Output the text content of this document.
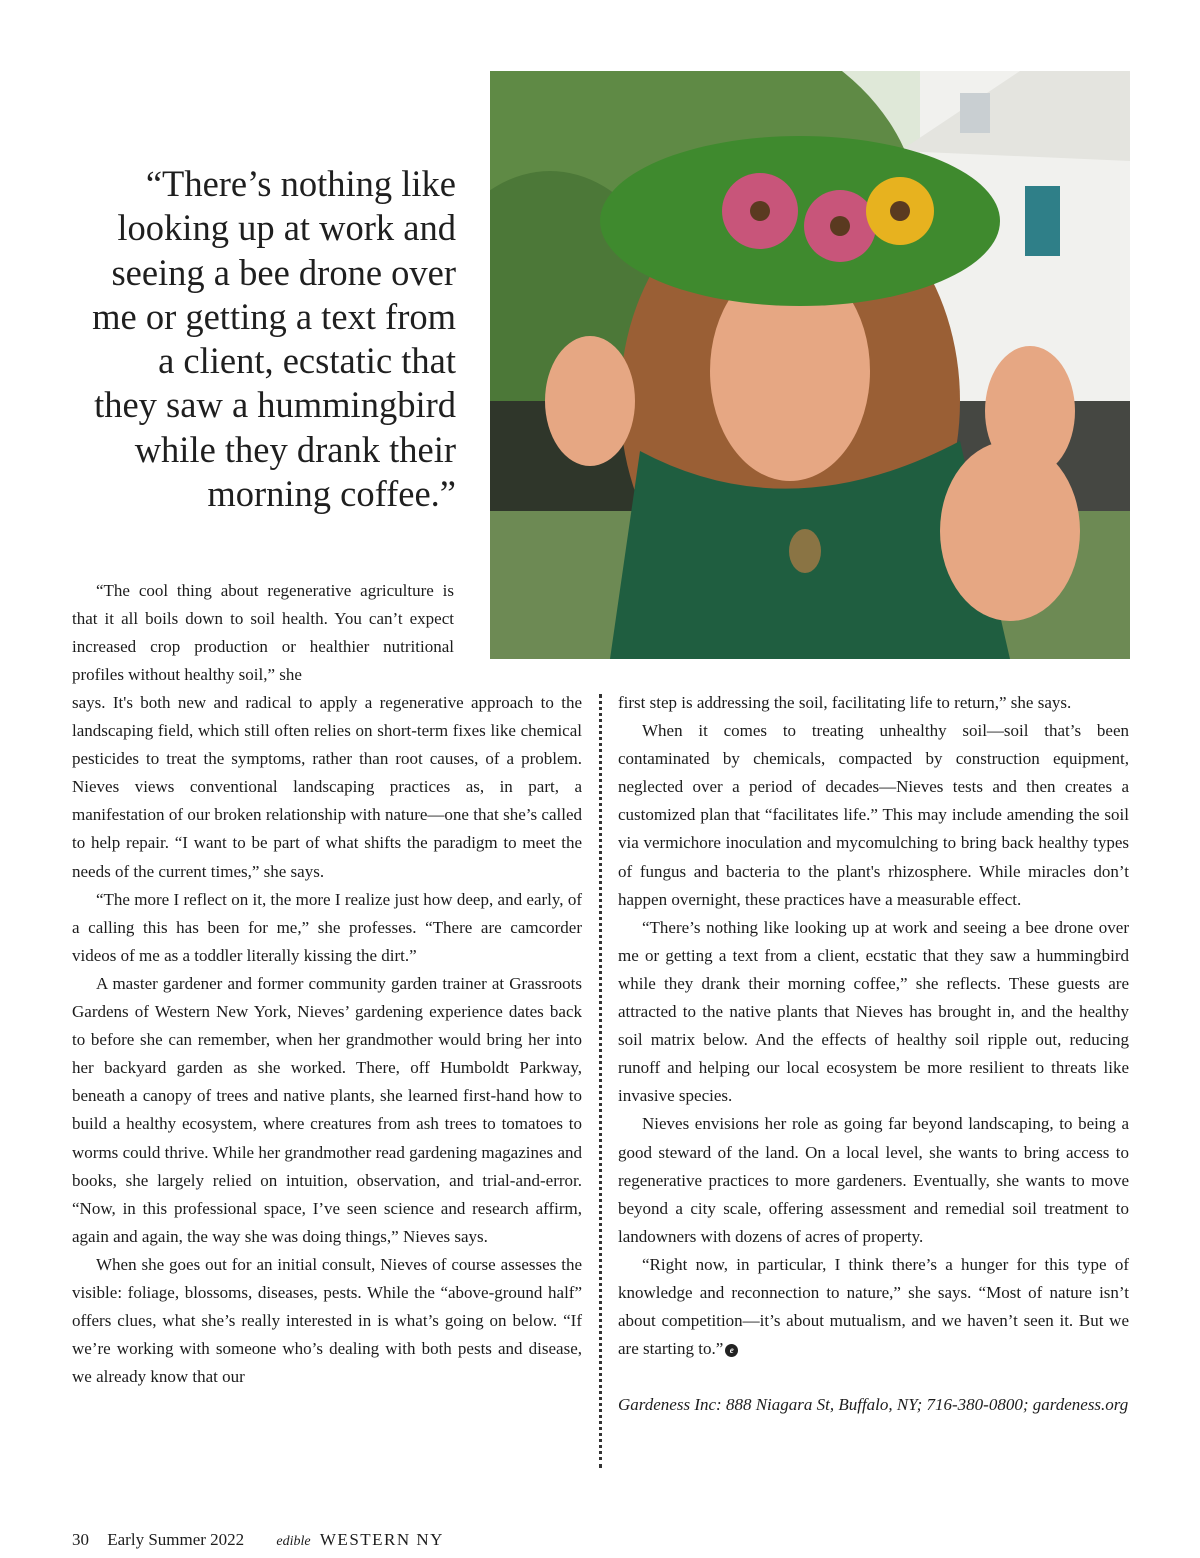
“There’s nothing like
looking up at work and
seeing a bee drone over
me or getting a text from
a client, ecstatic that
they saw a hummingbird
while they drank their
morning coffee.”

“The cool thing about regenerative agriculture is that it all boils down to soil health. You can’t expect increased crop production or healthier nutritional profiles without healthy soil,” she

says. It's both new and radical to apply a regenerative approach to the landscaping field, which still often relies on short-term fixes like chemical pesticides to treat the symptoms, rather than root causes, of a problem. Nieves views conventional landscaping practices as, in part, a manifestation of our broken relationship with nature—one that she’s called to help repair. “I want to be part of what shifts the paradigm to meet the needs of the current times,” she says.

“The more I reflect on it, the more I realize just how deep, and early, of a calling this has been for me,” she professes. “There are camcorder videos of me as a toddler literally kissing the dirt.”

A master gardener and former community garden trainer at Grassroots Gardens of Western New York, Nieves’ gardening experience dates back to before she can remember, when her grandmother would bring her into her backyard garden as she worked. There, off Humboldt Parkway, beneath a canopy of trees and native plants, she learned first-hand how to build a healthy ecosystem, where creatures from ash trees to tomatoes to worms could thrive. While her grandmother read gardening magazines and books, she largely relied on intuition, observation, and trial-and-error. “Now, in this professional space, I’ve seen science and research affirm, again and again, the way she was doing things,” Nieves says.

When she goes out for an initial consult, Nieves of course assesses the visible: foliage, blossoms, diseases, pests. While the “above-ground half” offers clues, what she’s really interested in is what’s going on below. “If we’re working with someone who’s dealing with both pests and disease, we already know that our

first step is addressing the soil, facilitating life to return,” she says.

When it comes to treating unhealthy soil—soil that’s been contaminated by chemicals, compacted by construction equipment, neglected over a period of decades—Nieves tests and then creates a customized plan that “facilitates life.” This may include amending the soil via vermichore inoculation and mycomulching to bring back healthy types of fungus and bacteria to the plant's rhizosphere. While miracles don’t happen overnight, these practices have a measurable effect.

“There’s nothing like looking up at work and seeing a bee drone over me or getting a text from a client, ecstatic that they saw a hummingbird while they drank their morning coffee,” she reflects. These guests are attracted to the native plants that Nieves has brought in, and the healthy soil matrix below. And the effects of healthy soil ripple out, reducing runoff and helping our local ecosystem be more resilient to threats like invasive species.

Nieves envisions her role as going far beyond landscaping, to being a good steward of the land. On a local level, she wants to bring access to regenerative practices to more gardeners. Eventually, she wants to move beyond a city scale, offering assessment and remedial soil treatment to landowners with dozens of acres of property.

“Right now, in particular, I think there’s a hunger for this type of knowledge and reconnection to nature,” she says. “Most of nature isn’t about competition—it’s about mutualism, and we haven’t seen it. But we are starting to.” e

Gardeness Inc: 888 Niagara St, Buffalo, NY; 716-380-0800; gardeness.org

30 Early Summer 2022 edible WESTERN NY
